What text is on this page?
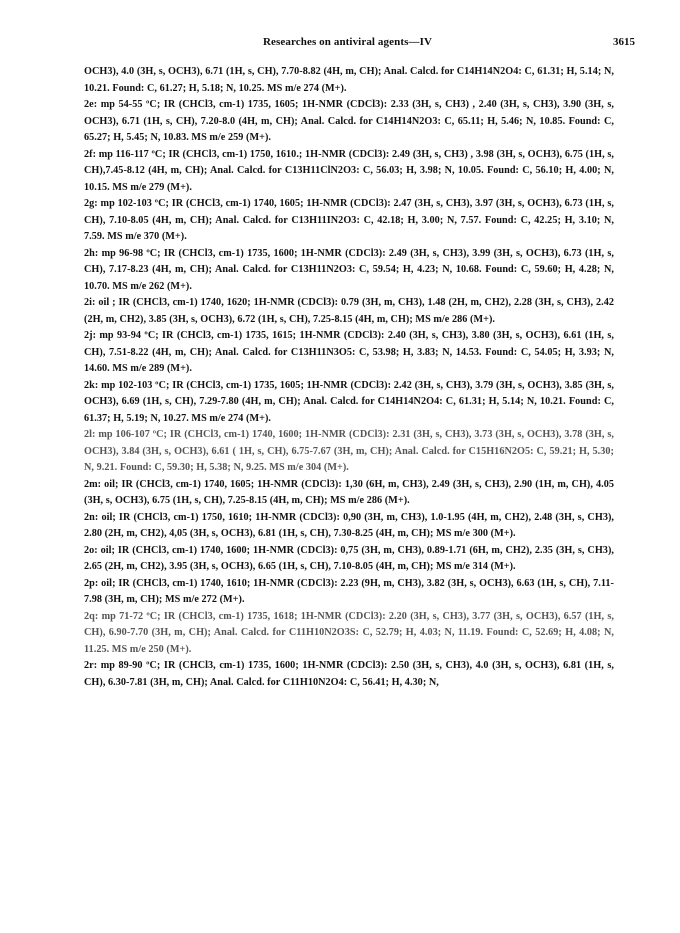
Researches on antiviral agents—IV	3615

OCH3), 4.0 (3H, s, OCH3), 6.71 (1H, s, CH), 7.70-8.82 (4H, m, CH); Anal. Calcd. for C14H14N2O4: C, 61.31; H, 5.14; N, 10.21. Found: C, 61.27; H, 5.18; N, 10.25. MS m/e 274 (M+).

2e: mp 54-55 ºC; IR (CHCl3, cm-1) 1735, 1605; 1H-NMR (CDCl3): 2.33 (3H, s, CH3) , 2.40 (3H, s, CH3), 3.90 (3H, s, OCH3), 6.71 (1H, s, CH), 7.20-8.0 (4H, m, CH); Anal. Calcd. for C14H14N2O3: C, 65.11; H, 5.46; N, 10.85. Found: C, 65.27; H, 5.45; N, 10.83. MS m/e 259 (M+).

2f: mp 116-117 ºC; IR (CHCl3, cm-1) 1750, 1610.; 1H-NMR (CDCl3): 2.49 (3H, s, CH3) , 3.98 (3H, s, OCH3), 6.75 (1H, s, CH),7.45-8.12 (4H, m, CH); Anal. Calcd. for C13H11ClN2O3: C, 56.03; H, 3.98; N, 10.05. Found: C, 56.10; H, 4.00; N, 10.15. MS m/e 279 (M+).

2g: mp 102-103 ºC; IR (CHCl3, cm-1) 1740, 1605; 1H-NMR (CDCl3): 2.47 (3H, s, CH3), 3.97 (3H, s, OCH3), 6.73 (1H, s, CH), 7.10-8.05 (4H, m, CH); Anal. Calcd. for C13H11IN2O3: C, 42.18; H, 3.00; N, 7.57. Found: C, 42.25; H, 3.10; N, 7.59. MS m/e 370 (M+).

2h: mp 96-98 ºC; IR (CHCl3, cm-1) 1735, 1600; 1H-NMR (CDCl3): 2.49 (3H, s, CH3), 3.99 (3H, s, OCH3), 6.73 (1H, s, CH), 7.17-8.23 (4H, m, CH); Anal. Calcd. for C13H11N2O3: C, 59.54; H, 4.23; N, 10.68. Found: C, 59.60; H, 4.28; N, 10.70. MS m/e 262 (M+).

2i: oil ; IR (CHCl3, cm-1) 1740, 1620; 1H-NMR (CDCl3): 0.79 (3H, m, CH3), 1.48 (2H, m, CH2), 2.28 (3H, s, CH3), 2.42 (2H, m, CH2), 3.85 (3H, s, OCH3), 6.72 (1H, s, CH), 7.25-8.15 (4H, m, CH); MS m/e 286 (M+).

2j: mp 93-94 ºC; IR (CHCl3, cm-1) 1735, 1615; 1H-NMR (CDCl3): 2.40 (3H, s, CH3), 3.80 (3H, s, OCH3), 6.61 (1H, s, CH), 7.51-8.22 (4H, m, CH); Anal. Calcd. for C13H11N3O5: C, 53.98; H, 3.83; N, 14.53. Found: C, 54.05; H, 3.93; N, 14.60. MS m/e 289 (M+).

2k: mp 102-103 ºC; IR (CHCl3, cm-1) 1735, 1605; 1H-NMR (CDCl3): 2.42 (3H, s, CH3), 3.79 (3H, s, OCH3), 3.85 (3H, s, OCH3), 6.69 (1H, s, CH), 7.29-7.80 (4H, m, CH); Anal. Calcd. for C14H14N2O4: C, 61.31; H, 5.14; N, 10.21. Found: C, 61.37; H, 5.19; N, 10.27. MS m/e 274 (M+).

2l: mp 106-107 ºC; IR (CHCl3, cm-1) 1740, 1600; 1H-NMR (CDCl3): 2.31 (3H, s, CH3), 3.73 (3H, s, OCH3), 3.78 (3H, s, OCH3), 3.84 (3H, s, OCH3), 6.61 ( 1H, s, CH), 6.75-7.67 (3H, m, CH); Anal. Calcd. for C15H16N2O5: C, 59.21; H, 5.30; N, 9.21. Found: C, 59.30; H, 5.38; N, 9.25. MS m/e 304 (M+).

2m: oil; IR (CHCl3, cm-1) 1740, 1605; 1H-NMR (CDCl3): 1,30 (6H, m, CH3), 2.49 (3H, s, CH3), 2.90 (1H, m, CH), 4.05 (3H, s, OCH3), 6.75 (1H, s, CH), 7.25-8.15 (4H, m, CH); MS m/e 286 (M+).

2n: oil; IR (CHCl3, cm-1) 1750, 1610; 1H-NMR (CDCl3): 0,90 (3H, m, CH3), 1.0-1.95 (4H, m, CH2), 2.48 (3H, s, CH3), 2.80 (2H, m, CH2), 4,05 (3H, s, OCH3), 6.81 (1H, s, CH), 7.30-8.25 (4H, m, CH); MS m/e 300 (M+).

2o: oil; IR (CHCl3, cm-1) 1740, 1600; 1H-NMR (CDCl3): 0,75 (3H, m, CH3), 0.89-1.71 (6H, m, CH2), 2.35 (3H, s, CH3), 2.65 (2H, m, CH2), 3.95 (3H, s, OCH3), 6.65 (1H, s, CH), 7.10-8.05 (4H, m, CH); MS m/e 314 (M+).

2p: oil; IR (CHCl3, cm-1) 1740, 1610; 1H-NMR (CDCl3): 2.23 (9H, m, CH3), 3.82 (3H, s, OCH3), 6.63 (1H, s, CH), 7.11-7.98 (3H, m, CH); MS m/e 272 (M+).

2q: mp 71-72 ºC; IR (CHCl3, cm-1) 1735, 1618; 1H-NMR (CDCl3): 2.20 (3H, s, CH3), 3.77 (3H, s, OCH3), 6.57 (1H, s, CH), 6.90-7.70 (3H, m, CH); Anal. Calcd. for C11H10N2O3S: C, 52.79; H, 4.03; N, 11.19. Found: C, 52.69; H, 4.08; N, 11.25. MS m/e 250 (M+).

2r: mp 89-90 ºC; IR (CHCl3, cm-1) 1735, 1600; 1H-NMR (CDCl3): 2.50 (3H, s, CH3), 4.0 (3H, s, OCH3), 6.81 (1H, s, CH), 6.30-7.81 (3H, m, CH); Anal. Calcd. for C11H10N2O4: C, 56.41; H, 4.30; N,
